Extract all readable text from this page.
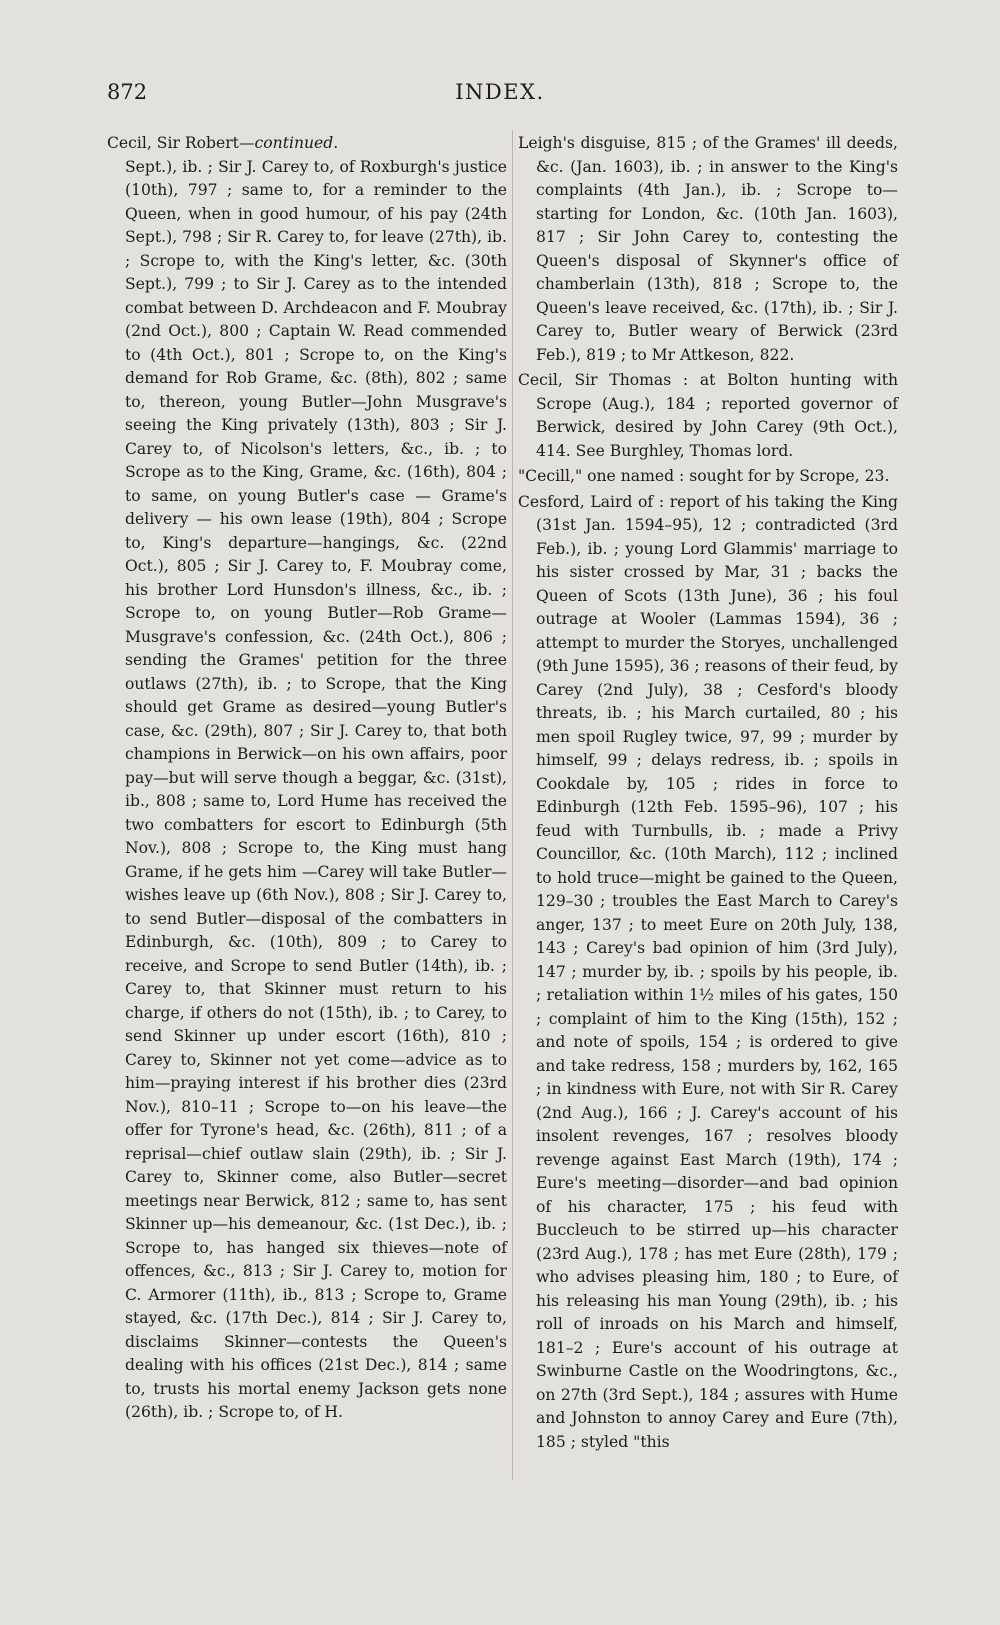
872	INDEX.

Cecil, Sir Robert—continued.
Sept.), ib. ; Sir J. Carey to, of Roxburgh's justice (10th), 797 ; same to, for a reminder to the Queen, when in good humour, of his pay (24th Sept.), 798 ; Sir R. Carey to, for leave (27th), ib. ; Scrope to, with the King's letter, &c. (30th Sept.), 799 ; to Sir J. Carey as to the intended combat between D. Archdeacon and F. Moubray (2nd Oct.), 800 ; Captain W. Read commended to (4th Oct.), 801 ; Scrope to, on the King's demand for Rob Grame, &c. (8th), 802 ; same to, thereon, young Butler—John Musgrave's seeing the King privately (13th), 803 ; Sir J. Carey to, of Nicolson's letters, &c., ib. ; to Scrope as to the King, Grame, &c. (16th), 804 ; to same, on young Butler's case — Grame's delivery — his own lease (19th), 804 ; Scrope to, King's departure—hangings, &c. (22nd Oct.), 805 ; Sir J. Carey to, F. Moubray come, his brother Lord Hunsdon's illness, &c., ib. ; Scrope to, on young Butler—Rob Grame—Musgrave's confession, &c. (24th Oct.), 806 ; sending the Grames' petition for the three outlaws (27th), ib. ; to Scrope, that the King should get Grame as desired—young Butler's case, &c. (29th), 807 ; Sir J. Carey to, that both champions in Berwick—on his own affairs, poor pay—but will serve though a beggar, &c. (31st), ib., 808 ; same to, Lord Hume has received the two combatters for escort to Edinburgh (5th Nov.), 808 ; Scrope to, the King must hang Grame, if he gets him —Carey will take Butler—wishes leave up (6th Nov.), 808 ; Sir J. Carey to, to send Butler—disposal of the combatters in Edinburgh, &c. (10th), 809 ; to Carey to receive, and Scrope to send Butler (14th), ib. ; Carey to, that Skinner must return to his charge, if others do not (15th), ib. ; to Carey, to send Skinner up under escort (16th), 810 ; Carey to, Skinner not yet come—advice as to him—praying interest if his brother dies (23rd Nov.), 810–11 ; Scrope to—on his leave—the offer for Tyrone's head, &c. (26th), 811 ; of a reprisal—chief outlaw slain (29th), ib. ; Sir J. Carey to, Skinner come, also Butler—secret meetings near Berwick, 812 ; same to, has sent Skinner up—his demeanour, &c. (1st Dec.), ib. ; Scrope to, has hanged six thieves—note of offences, &c., 813 ; Sir J. Carey to, motion for C. Armorer (11th), ib., 813 ; Scrope to, Grame stayed, &c. (17th Dec.), 814 ; Sir J. Carey to, disclaims Skinner—contests the Queen's dealing with his offices (21st Dec.), 814 ; same to, trusts his mortal enemy Jackson gets none (26th), ib. ; Scrope to, of H.

Leigh's disguise, 815 ; of the Grames' ill deeds, &c. (Jan. 1603), ib. ; in answer to the King's complaints (4th Jan.), ib. ; Scrope to—starting for London, &c. (10th Jan. 1603), 817 ; Sir John Carey to, contesting the Queen's disposal of Skynner's office of chamberlain (13th), 818 ; Scrope to, the Queen's leave received, &c. (17th), ib. ; Sir J. Carey to, Butler weary of Berwick (23rd Feb.), 819 ; to Mr Attkeson, 822.

Cecil, Sir Thomas : at Bolton hunting with Scrope (Aug.), 184 ; reported governor of Berwick, desired by John Carey (9th Oct.), 414. See Burghley, Thomas lord.

"Cecill," one named : sought for by Scrope, 23.

Cesford, Laird of : report of his taking the King (31st Jan. 1594–95), 12 ; contradicted (3rd Feb.), ib. ; young Lord Glammis' marriage to his sister crossed by Mar, 31 ; backs the Queen of Scots (13th June), 36 ; his foul outrage at Wooler (Lammas 1594), 36 ; attempt to murder the Storyes, unchallenged (9th June 1595), 36 ; reasons of their feud, by Carey (2nd July), 38 ; Cesford's bloody threats, ib. ; his March curtailed, 80 ; his men spoil Rugley twice, 97, 99 ; murder by himself, 99 ; delays redress, ib. ; spoils in Cookdale by, 105 ; rides in force to Edinburgh (12th Feb. 1595–96), 107 ; his feud with Turnbulls, ib. ; made a Privy Councillor, &c. (10th March), 112 ; inclined to hold truce—might be gained to the Queen, 129–30 ; troubles the East March to Carey's anger, 137 ; to meet Eure on 20th July, 138, 143 ; Carey's bad opinion of him (3rd July), 147 ; murder by, ib. ; spoils by his people, ib. ; retaliation within 1½ miles of his gates, 150 ; complaint of him to the King (15th), 152 ; and note of spoils, 154 ; is ordered to give and take redress, 158 ; murders by, 162, 165 ; in kindness with Eure, not with Sir R. Carey (2nd Aug.), 166 ; J. Carey's account of his insolent revenges, 167 ; resolves bloody revenge against East March (19th), 174 ; Eure's meeting—disorder—and bad opinion of his character, 175 ; his feud with Buccleuch to be stirred up—his character (23rd Aug.), 178 ; has met Eure (28th), 179 ; who advises pleasing him, 180 ; to Eure, of his releasing his man Young (29th), ib. ; his roll of inroads on his March and himself, 181–2 ; Eure's account of his outrage at Swinburne Castle on the Woodringtons, &c., on 27th (3rd Sept.), 184 ; assures with Hume and Johnston to annoy Carey and Eure (7th), 185 ; styled "this
